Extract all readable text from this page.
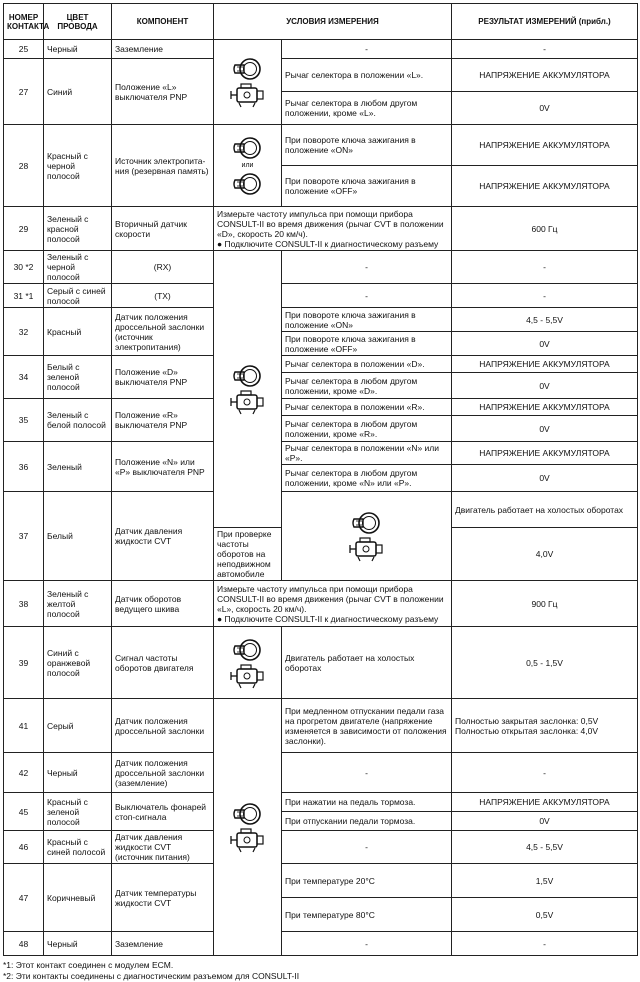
НОМЕР КОНТАКТА	ЦВЕТ ПРОВОДА	КОМПОНЕНТ	УСЛОВИЯ ИЗМЕРЕНИЯ		РЕЗУЛЬТАТ ИЗМЕРЕНИЙ (прибл.)	
25	Черный	Заземление		-	-	
27	Синий	Положение «L» выключателя PNP		Рычаг селектора в положении «L».	НАПРЯЖЕНИЕ АККУМУЛЯТОРА	
				Рычаг селектора в любом другом положении, кроме «L».	0V	
28	Красный с черной полосой	Источник электропита-ния (резервная память)	или	При повороте ключа зажигания в положение «ON»	НАПРЯЖЕНИЕ АККУМУЛЯТОРА	
				При повороте ключа зажигания в положение «OFF»	НАПРЯЖЕНИЕ АККУМУЛЯТОРА	
29	Зеленый с красной полосой	Вторичный датчик скорости	Измерьте частоту импульса при помощи прибора CONSULT-II во время движения (рычаг CVT в положении «D», скорость 20 км/ч).
● Подключите CONSULT-II к диагностическому разъему		600 Гц	
30 *2	Зеленый с черной полосой	(RX)		-	-	
31 *1	Серый с синей полосой	(TX)		-	-	
32	Красный	Датчик положения дроссельной заслонки (источник электропитания)		При повороте ключа зажигания в положение «ON»	4,5 - 5,5V	
				При повороте ключа зажигания в положение «OFF»	0V	
34	Белый с зеленой полосой	Положение «D» выключателя PNP		Рычаг селектора в положении «D».	НАПРЯЖЕНИЕ АККУМУЛЯТОРА	
				Рычаг селектора в любом другом положении, кроме «D».	0V	
35	Зеленый с белой полосой	Положение «R» выключателя PNP		Рычаг селектора в положении «R».	НАПРЯЖЕНИЕ АККУМУЛЯТОРА	
				Рычаг селектора в любом другом положении, кроме «R».	0V	
36	Зеленый	Положение «N» или «P» выключателя PNP		Рычаг селектора в положении «N» или «P».	НАПРЯЖЕНИЕ АККУМУЛЯТОРА	
				Рычаг селектора в любом другом положении, кроме «N» или «P».	0V	
37	Белый	Датчик давления жидкости CVT			Двигатель работает на холостых оборотах	
			При проверке частоты оборотов на неподвижном автомобиле		4,0V	
38	Зеленый с желтой полосой	Датчик оборотов ведущего шкива	Измерьте частоту импульса при помощи прибора CONSULT-II во время движения (рычаг CVT в положении «L», скорость 20 км/ч).
● Подключите CONSULT-II к диагностическому разъему		900 Гц	
39	Синий с оранжевой полосой	Сигнал частоты оборотов двигателя		Двигатель работает на холостых оборотах	0,5 - 1,5V	
41	Серый	Датчик положения дроссельной заслонки		При медленном отпускании педали газа на прогретом двигателе (напряжение изменяется в зависимости от положения заслонки).	Полностью закрытая заслонка: 0,5V Полностью открытая заслонка: 4,0V	
42	Черный	Датчик положения дроссельной заслонки (заземление)		-	-	
45	Красный с зеленой полосой	Выключатель фонарей стоп-сигнала		При нажатии на педаль тормоза.	НАПРЯЖЕНИЕ АККУМУЛЯТОРА	
				При отпускании педали тормоза.	0V	
46	Красный с синей полосой	Датчик давления жидкости CVT (источник питания)		-	4,5 - 5,5V	
47	Коричневый	Датчик температуры жидкости CVT		При температуре 20°C	1,5V	
				При температуре 80°C	0,5V	
48	Черный	Заземление		-	-	
*1: Этот контакт соединен с модулем ECM.
*2: Эти контакты соединены с диагностическим разъемом для CONSULT-II
